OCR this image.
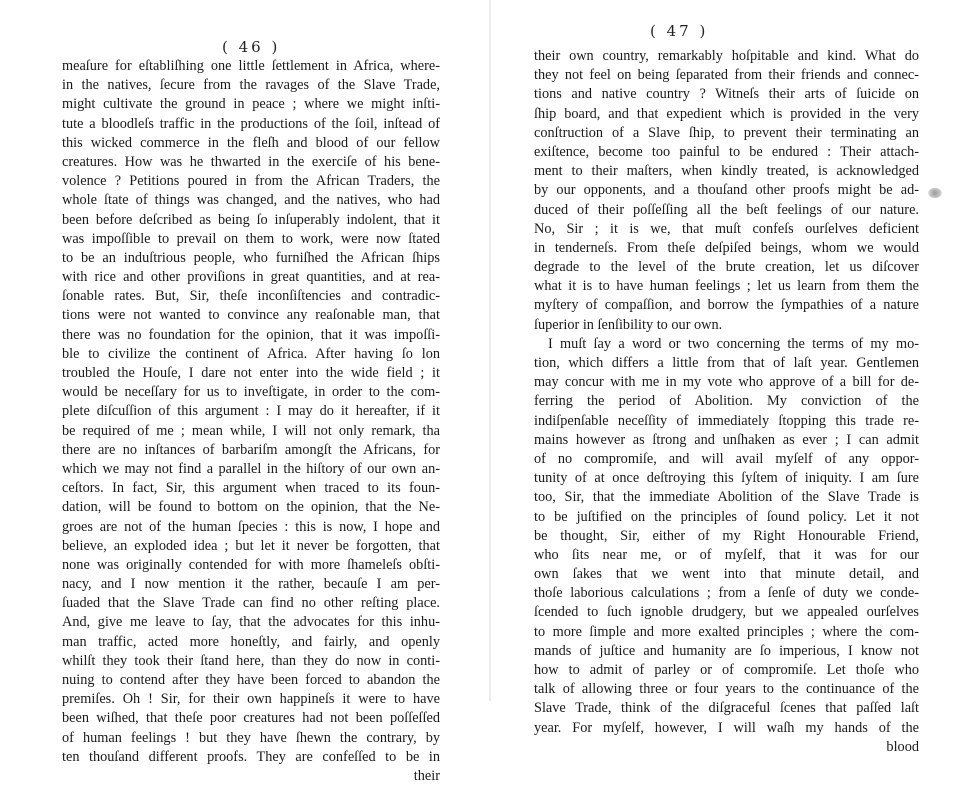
( 46 )
meaſure for eſtabliſhing one little ſettlement in Africa, where-
in the natives, ſecure from the ravages of the Slave Trade,
might cultivate the ground in peace ; where we might inſti-
tute a bloodleſs traffic in the productions of the ſoil, inſtead of
this wicked commerce in the fleſh and blood of our fellow
creatures. How was he thwarted in the exerciſe of his bene-
volence ? Petitions poured in from the African Traders, the
whole ſtate of things was changed, and the natives, who had
been before deſcribed as being ſo inſuperably indolent, that it
was impoſſible to prevail on them to work, were now ſtated
to be an induſtrious people, who furniſhed the African ſhips
with rice and other proviſions in great quantities, and at rea-
ſonable rates. But, Sir, theſe inconſiſtencies and contradic-
tions were not wanted to convince any reaſonable man, that
there was no foundation for the opinion, that it was impoſſi-
ble to civilize the continent of Africa. After having ſo lon
troubled the Houſe, I dare not enter into the wide field ; it
would be neceſſary for us to inveſtigate, in order to the com-
plete diſcuſſion of this argument : I may do it hereafter, if it
be required of me ; mean while, I will not only remark, tha
there are no inſtances of barbariſm amongſt the Africans, for
which we may not find a parallel in the hiſtory of our own an-
ceſtors. In fact, Sir, this argument when traced to its foun-
dation, will be found to bottom on the opinion, that the Ne-
groes are not of the human ſpecies : this is now, I hope and
believe, an exploded idea ; but let it never be forgotten, that
none was originally contended for with more ſhameleſs obſti-
nacy, and I now mention it the rather, becauſe I am per-
ſuaded that the Slave Trade can find no other reſting place.
And, give me leave to ſay, that the advocates for this inhu-
man traffic, acted more honeſtly, and fairly, and openly
whilſt they took their ſtand here, than they do now in conti-
nuing to contend after they have been forced to abandon the
premiſes. Oh ! Sir, for their own happineſs it were to have
been wiſhed, that theſe poor creatures had not been poſſeſſed
of human feelings ! but they have ſhewn the contrary, by
ten thouſand different proofs. They are confeſſed to be in
their
( 47 )
their own country, remarkably hoſpitable and kind. What do
they not feel on being ſeparated from their friends and connec-
tions and native country ? Witneſs their arts of ſuicide on
ſhip board, and that expedient which is provided in the very
conſtruction of a Slave ſhip, to prevent their terminating an
exiſtence, become too painful to be endured : Their attach-
ment to their maſters, when kindly treated, is acknowledged
by our opponents, and a thouſand other proofs might be ad-
duced of their poſſeſſing all the beſt feelings of our nature.
No, Sir ; it is we, that muſt confeſs ourſelves deficient
in tenderneſs. From theſe deſpiſed beings, whom we would
degrade to the level of the brute creation, let us diſcover
what it is to have human feelings ; let us learn from them the
myſtery of compaſſion, and borrow the ſympathies of a nature
ſuperior in ſenſibility to our own.
I muſt ſay a word or two concerning the terms of my mo-
tion, which differs a little from that of laſt year. Gentlemen
may concur with me in my vote who approve of a bill for de-
ferring the period of Abolition. My conviction of the
indiſpenſable neceſſity of immediately ſtopping this trade re-
mains however as ſtrong and unſhaken as ever ; I can admit
of no compromiſe, and will avail myſelf of any oppor-
tunity of at once deſtroying this ſyſtem of iniquity. I am ſure
too, Sir, that the immediate Abolition of the Slave Trade is
to be juſtified on the principles of ſound policy. Let it not
be thought, Sir, either of my Right Honourable Friend,
who ſits near me, or of myſelf, that it was for our
own ſakes that we went into that minute detail, and
thoſe laborious calculations ; from a ſenſe of duty we conde-
ſcended to ſuch ignoble drudgery, but we appealed ourſelves
to more ſimple and more exalted principles ; where the com-
mands of juſtice and humanity are ſo imperious, I know not
how to admit of parley or of compromiſe. Let thoſe who
talk of allowing three or four years to the continuance of the
Slave Trade, think of the diſgraceful ſcenes that paſſed laſt
year. For myſelf, however, I will waſh my hands of the
blood
